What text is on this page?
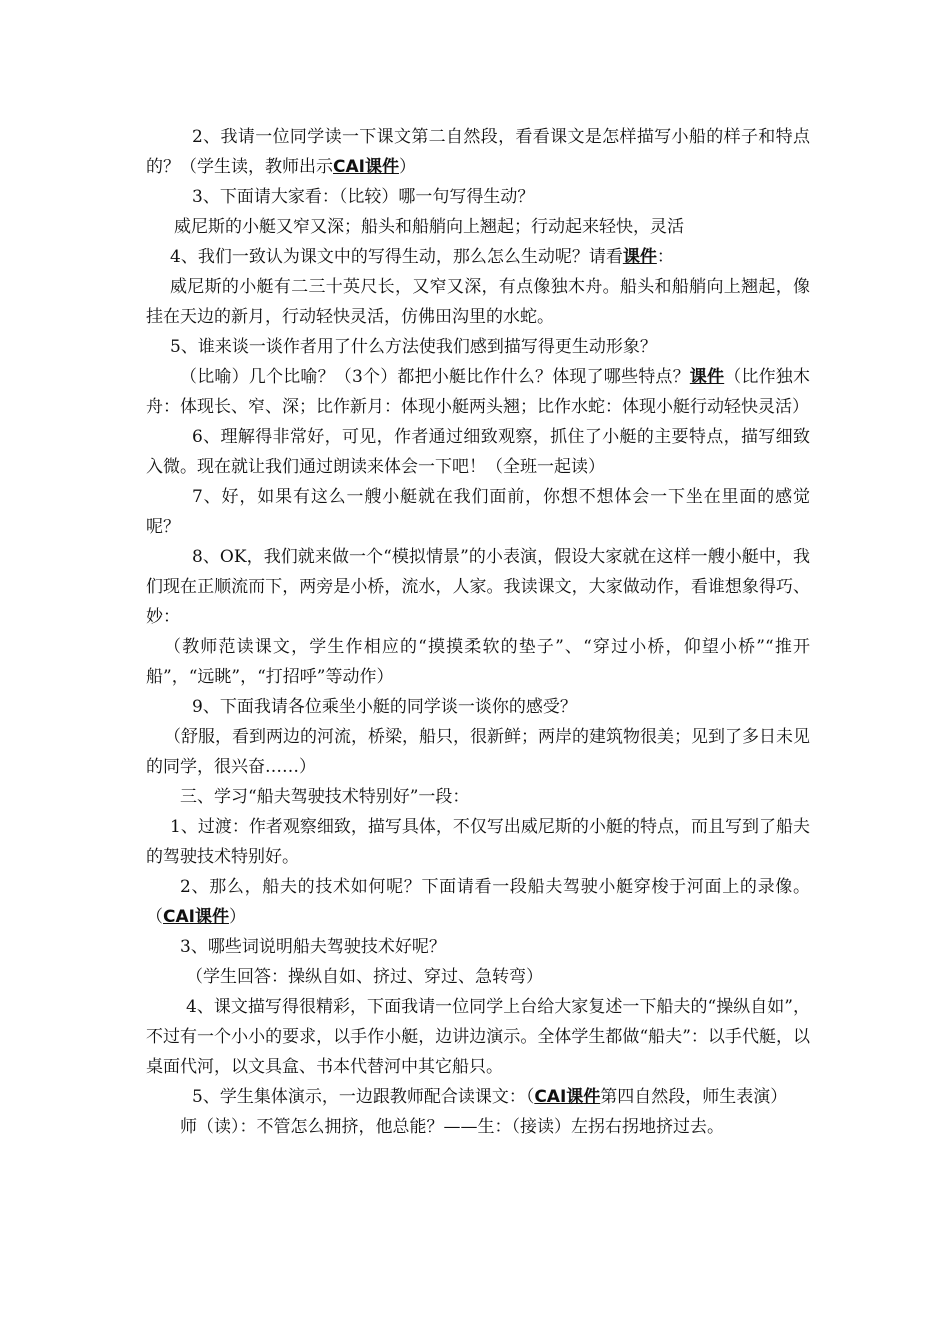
2、我请一位同学读一下课文第二自然段，看看课文是怎样描写小船的样子和特点的？（学生读，教师出示CAI课件）

3、下面请大家看：（比较）哪一句写得生动？

威尼斯的小艇又窄又深；船头和船艄向上翘起；行动起来轻快，灵活

4、我们一致认为课文中的写得生动，那么怎么生动呢？请看课件：

威尼斯的小艇有二三十英尺长，又窄又深，有点像独木舟。船头和船艄向上翘起，像挂在天边的新月，行动轻快灵活，仿佛田沟里的水蛇。

5、谁来谈一谈作者用了什么方法使我们感到描写得更生动形象？

（比喻）几个比喻？（3个）都把小艇比作什么？体现了哪些特点？课件（比作独木舟：体现长、窄、深；比作新月：体现小艇两头翘；比作水蛇：体现小艇行动轻快灵活）

6、理解得非常好，可见，作者通过细致观察，抓住了小艇的主要特点，描写细致入微。现在就让我们通过朗读来体会一下吧！（全班一起读）

7、好，如果有这么一艘小艇就在我们面前，你想不想体会一下坐在里面的感觉呢？

8、OK，我们就来做一个“模拟情景”的小表演，假设大家就在这样一艘小艇中，我们现在正顺流而下，两旁是小桥，流水，人家。我读课文，大家做动作，看谁想象得巧、妙：

（教师范读课文，学生作相应的“摸摸柔软的垫子”、“穿过小桥，仰望小桥”“推开船”，“远眺”，“打招呼”等动作）

9、下面我请各位乘坐小艇的同学谈一谈你的感受？

（舒服，看到两边的河流，桥梁，船只，很新鲜；两岸的建筑物很美；见到了多日未见的同学，很兴奋……）

三、学习“船夫驾驶技术特别好”一段：

1、过渡：作者观察细致，描写具体，不仅写出威尼斯的小艇的特点，而且写到了船夫的驾驶技术特别好。

2、那么，船夫的技术如何呢？下面请看一段船夫驾驶小艇穿梭于河面上的录像。（CAI课件）

3、哪些词说明船夫驾驶技术好呢？

（学生回答：操纵自如、挤过、穿过、急转弯）

4、课文描写得很精彩，下面我请一位同学上台给大家复述一下船夫的“操纵自如”，不过有一个小小的要求，以手作小艇，边讲边演示。全体学生都做“船夫”：以手代艇，以桌面代河，以文具盒、书本代替河中其它船只。

5、学生集体演示，一边跟教师配合读课文：（CAI课件第四自然段，师生表演）

师（读）：不管怎么拥挤，他总能？——生：（接读）左拐右拐地挤过去。
